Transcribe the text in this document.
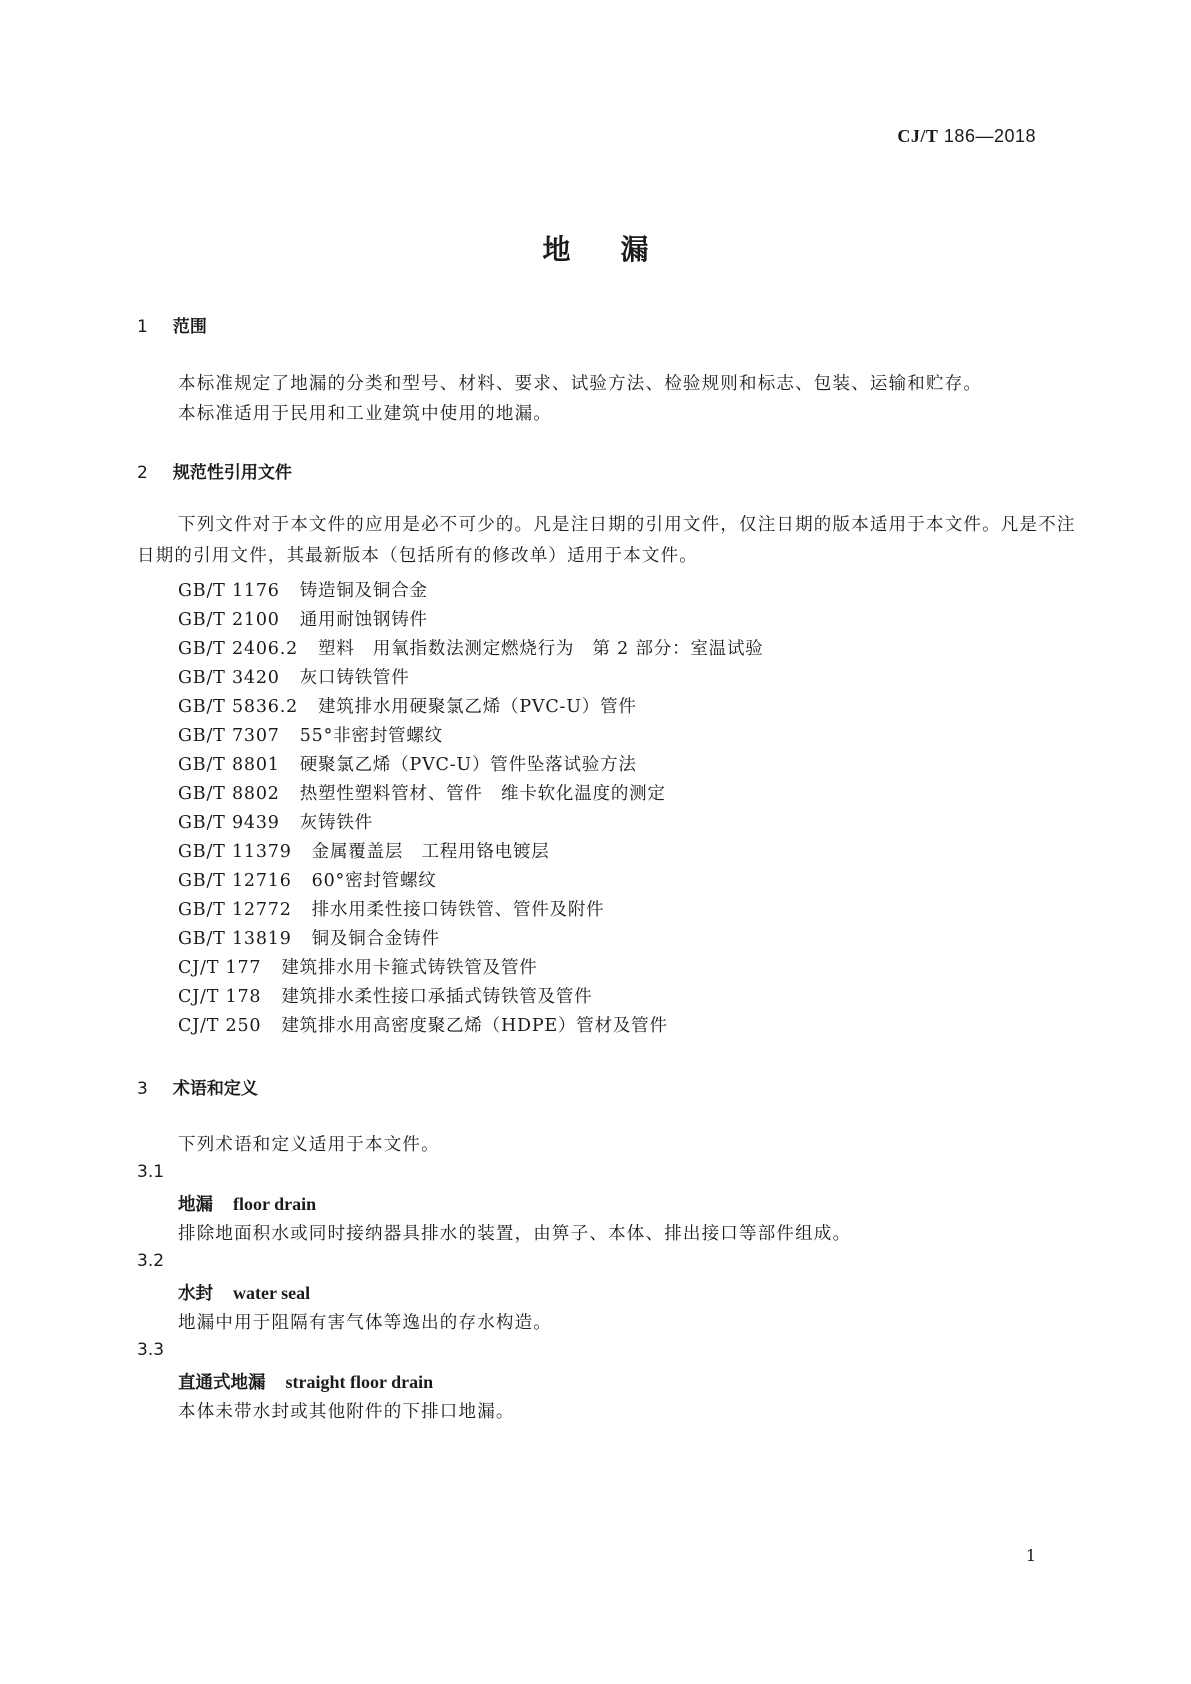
CJ/T 186—2018
地漏
1 范围
本标准规定了地漏的分类和型号、材料、要求、试验方法、检验规则和标志、包装、运输和贮存。
本标准适用于民用和工业建筑中使用的地漏。
2 规范性引用文件
下列文件对于本文件的应用是必不可少的。凡是注日期的引用文件，仅注日期的版本适用于本文件。凡是不注日期的引用文件，其最新版本（包括所有的修改单）适用于本文件。
GB/T 1176 铸造铜及铜合金
GB/T 2100 通用耐蚀钢铸件
GB/T 2406.2 塑料　用氧指数法测定燃烧行为　第 2 部分：室温试验
GB/T 3420 灰口铸铁管件
GB/T 5836.2 建筑排水用硬聚氯乙烯（PVC-U）管件
GB/T 7307 55°非密封管螺纹
GB/T 8801 硬聚氯乙烯（PVC-U）管件坠落试验方法
GB/T 8802 热塑性塑料管材、管件　维卡软化温度的测定
GB/T 9439 灰铸铁件
GB/T 11379 金属覆盖层　工程用铬电镀层
GB/T 12716 60°密封管螺纹
GB/T 12772 排水用柔性接口铸铁管、管件及附件
GB/T 13819 铜及铜合金铸件
CJ/T 177 建筑排水用卡箍式铸铁管及管件
CJ/T 178 建筑排水柔性接口承插式铸铁管及管件
CJ/T 250 建筑排水用高密度聚乙烯（HDPE）管材及管件
3 术语和定义
下列术语和定义适用于本文件。
3.1
地漏 floor drain
排除地面积水或同时接纳器具排水的装置，由箅子、本体、排出接口等部件组成。
3.2
水封 water seal
地漏中用于阻隔有害气体等逸出的存水构造。
3.3
直通式地漏 straight floor drain
本体未带水封或其他附件的下排口地漏。
1
